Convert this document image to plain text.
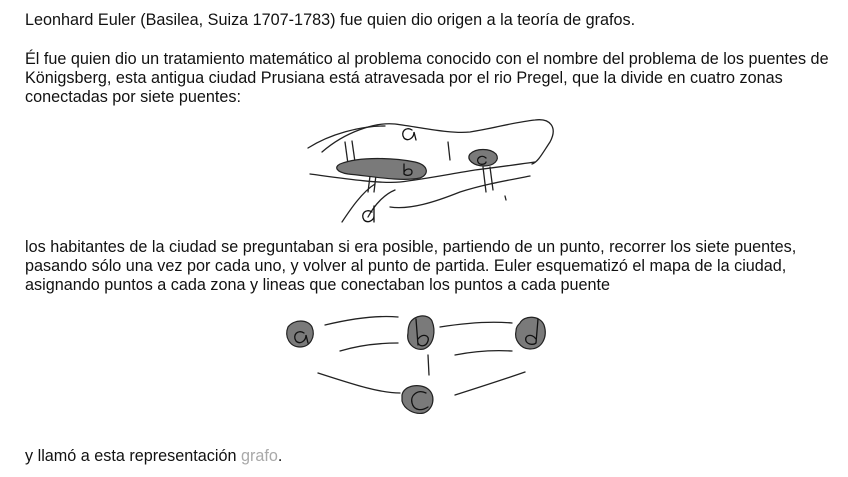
Leonhard Euler (Basilea, Suiza 1707-1783) fue quien dio origen a la teoría de grafos.

Él fue quien dio un tratamiento matemático al problema conocido con el nombre del problema de los puentes de Königsberg, esta antigua ciudad Prusiana está atravesada por el rio Pregel, que la divide en cuatro zonas conectadas por siete puentes:

los habitantes de la ciudad se preguntaban si era posible, partiendo de un punto, recorrer los siete puentes, pasando sólo una vez por cada uno, y volver al punto de partida. Euler esquematizó el mapa de la ciudad, asignando puntos a cada zona y lineas que conectaban los puntos a cada puente

y llamó a esta representación grafo.
